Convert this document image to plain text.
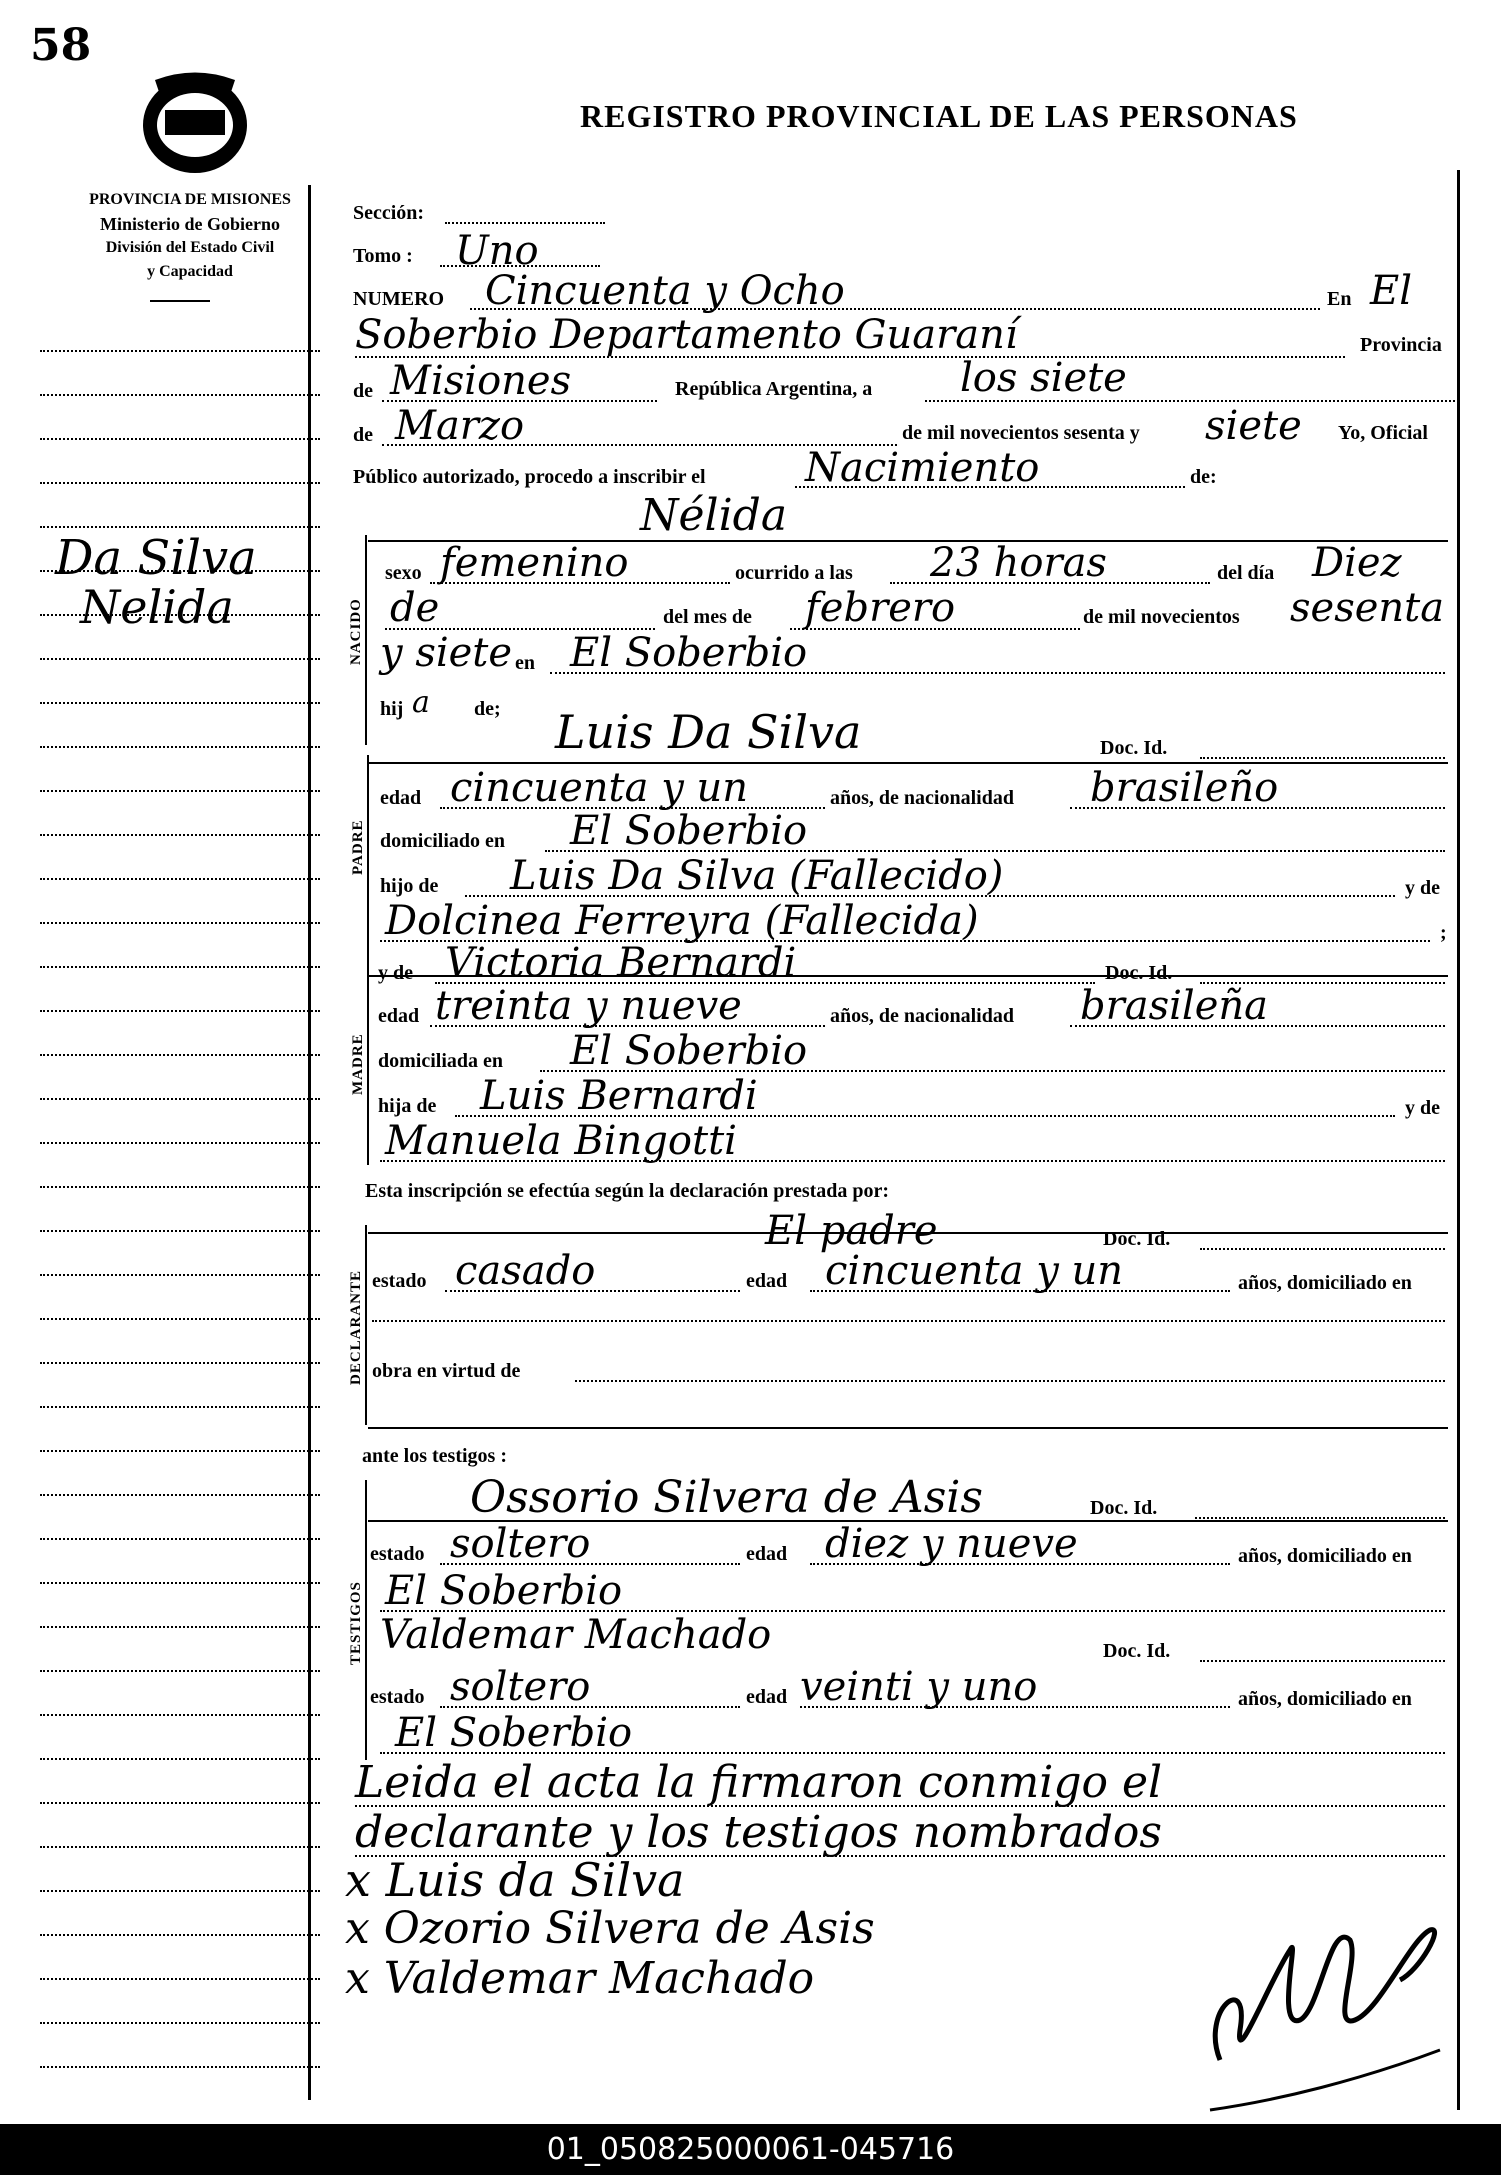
58
PROVINCIA DE MISIONES
Ministerio de Gobierno
División del Estado Civil
y Capacidad
REGISTRO PROVINCIAL DE LAS PERSONAS
Da Silva
Nelida	NACIDO
PADRE
MADRE
DECLARANTE
TESTIGOS
Sección:
Tomo : Uno
NUMERO Cincuenta y Ocho	En El
Soberbio Departamento Guaraní	Provincia
de Misiones	República Argentina, a los siete
de Marzo	de mil novecientos sesenta y siete Yo, Oficial
Público autorizado, procedo a inscribir el Nacimiento	de:
Nélida
sexo femenino	ocurrido a las 23 horas	del día Diez
de	del mes de febrero	de mil novecientos sesenta
y siete en El Soberbio
hij a de; Luis Da Silva	Doc. Id.
edad cincuenta y un	años, de nacionalidad brasileño
domiciliado en El Soberbio
hijo de Luis Da Silva (Fallecido)	y de
Dolcinea Ferreyra (Fallecida)	;
y de Victoria Bernardi	Doc. Id.
edad treinta y nueve	años, de nacionalidad brasileña
domiciliada en El Soberbio
hija de Luis Bernardi	y de
Manuela Bingotti
Esta inscripción se efectúa según la declaración prestada por:
El padre	Doc. Id.
estado casado	edad cincuenta y un	años, domiciliado en
obra en virtud de
ante los testigos :
Ossorio Silvera de Asis	Doc. Id.
estado soltero	edad diez y nueve	años, domiciliado en
El Soberbio
Valdemar Machado	Doc. Id.
estado soltero	edad veinti y uno	años, domiciliado en
El Soberbio
Leida el acta la firmaron conmigo el
declarante y los testigos nombrados
x Luis da Silva
x Ozorio Silvera de Asis
x Valdemar Machado
01_050825000061-045716
